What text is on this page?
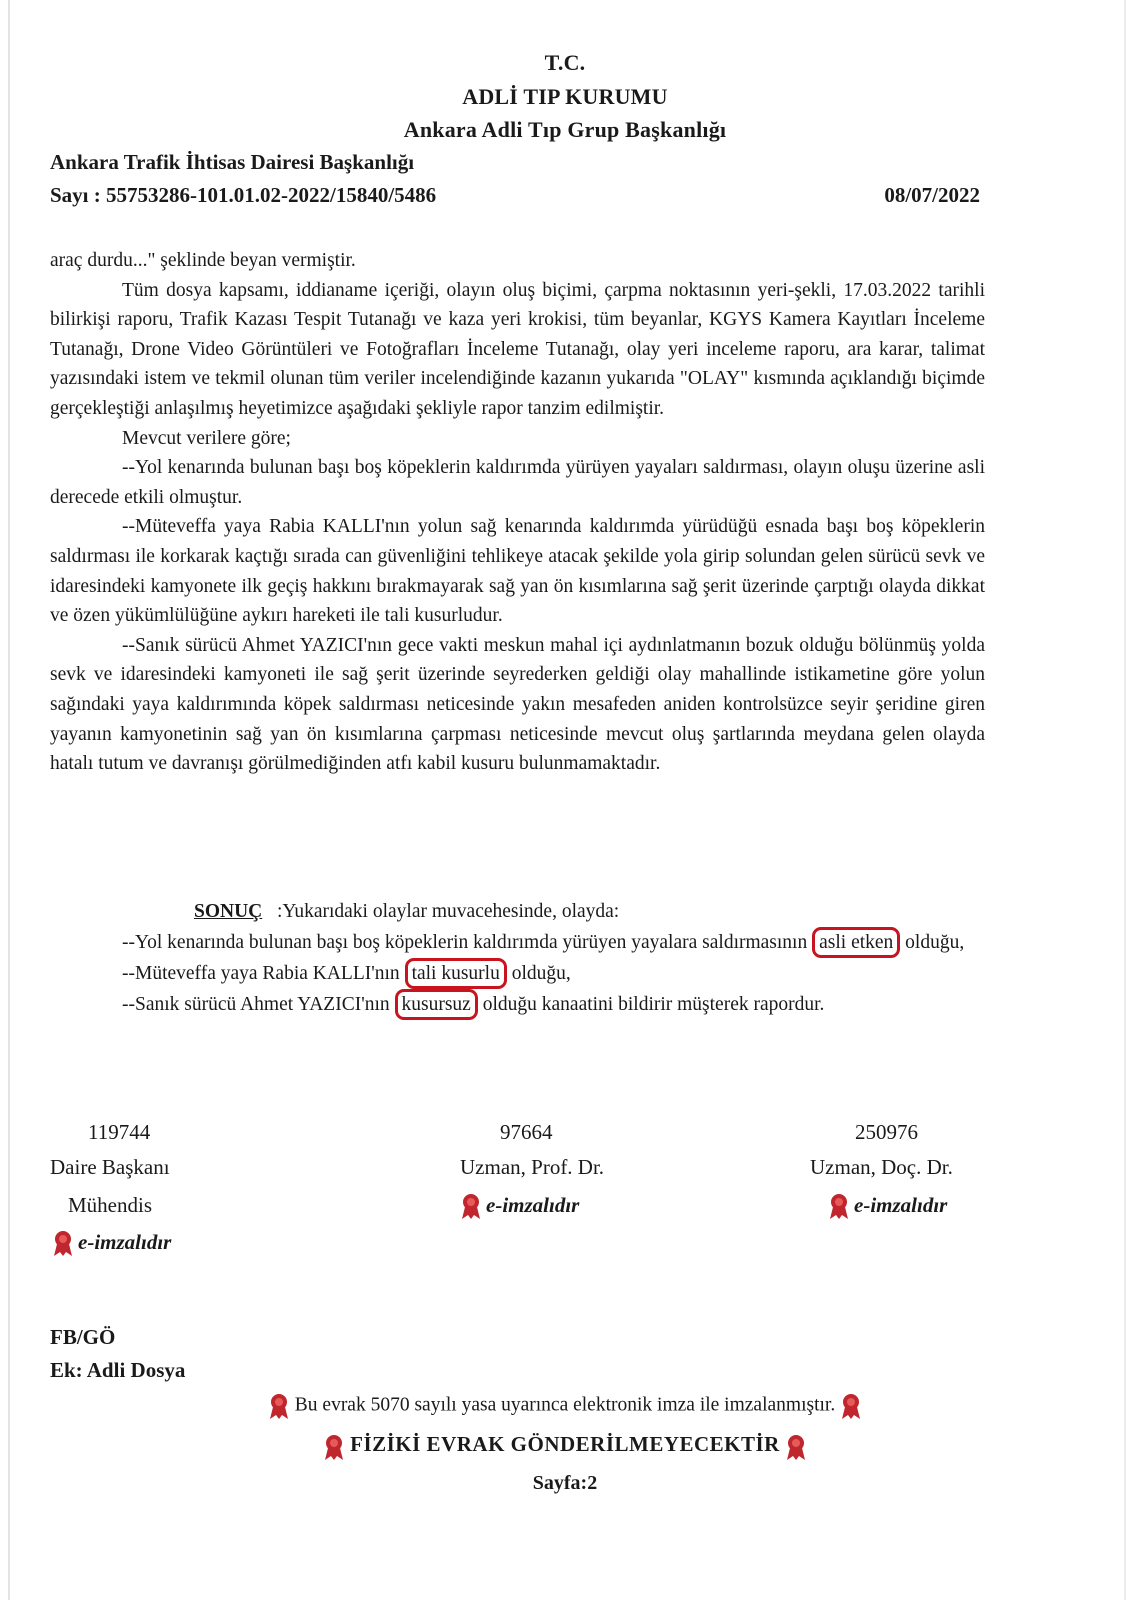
T.C.
ADLİ TIP KURUMU
Ankara Adli Tıp Grup Başkanlığı
Ankara Trafik İhtisas Dairesi Başkanlığı
Sayı : 55753286-101.01.02-2022/15840/5486	08/07/2022

araç durdu..." şeklinde beyan vermiştir.

Tüm dosya kapsamı, iddianame içeriği, olayın oluş biçimi, çarpma noktasının yeri-şekli, 17.03.2022 tarihli bilirkişi raporu, Trafik Kazası Tespit Tutanağı ve kaza yeri krokisi, tüm beyanlar, KGYS Kamera Kayıtları İnceleme Tutanağı, Drone Video Görüntüleri ve Fotoğrafları İnceleme Tutanağı, olay yeri inceleme raporu, ara karar, talimat yazısındaki istem ve tekmil olunan tüm veriler incelendiğinde kazanın yukarıda "OLAY" kısmında açıklandığı biçimde gerçekleştiği anlaşılmış heyetimizce aşağıdaki şekliyle rapor tanzim edilmiştir.

Mevcut verilere göre;

--Yol kenarında bulunan başı boş köpeklerin kaldırımda yürüyen yayaları saldırması, olayın oluşu üzerine asli derecede etkili olmuştur.

--Müteveffa yaya Rabia KALLI'nın yolun sağ kenarında kaldırımda yürüdüğü esnada başı boş köpeklerin saldırması ile korkarak kaçtığı sırada can güvenliğini tehlikeye atacak şekilde yola girip solundan gelen sürücü sevk ve idaresindeki kamyonete ilk geçiş hakkını bırakmayarak sağ yan ön kısımlarına sağ şerit üzerinde çarptığı olayda dikkat ve özen yükümlülüğüne aykırı hareketi ile tali kusurludur.

--Sanık sürücü Ahmet YAZICI'nın gece vakti meskun mahal içi aydınlatmanın bozuk olduğu bölünmüş yolda sevk ve idaresindeki kamyoneti ile sağ şerit üzerinde seyrederken geldiği olay mahallinde istikametine göre yolun sağındaki yaya kaldırımında köpek saldırması neticesinde yakın mesafeden aniden kontrolsüzce seyir şeridine giren yayanın kamyonetinin sağ yan ön kısımlarına çarpması neticesinde mevcut oluş şartlarında meydana gelen olayda hatalı tutum ve davranışı görülmediğinden atfı kabil kusuru bulunmamaktadır.

SONUÇ :Yukarıdaki olaylar muvacehesinde, olayda:

--Yol kenarında bulunan başı boş köpeklerin kaldırımda yürüyen yayalara saldırmasının asli etken olduğu,

--Müteveffa yaya Rabia KALLI'nın tali kusurlu olduğu,

--Sanık sürücü Ahmet YAZICI'nın kusursuz olduğu kanaatini bildirir müşterek rapordur.

119744
Daire Başkanı
Mühendis
e-imzalıdır
97664
Uzman, Prof. Dr.
e-imzalıdır
250976
Uzman, Doç. Dr.
e-imzalıdır
FB/GÖ
Ek: Adli Dosya
Bu evrak 5070 sayılı yasa uyarınca elektronik imza ile imzalanmıştır.
FİZİKİ EVRAK GÖNDERİLMEYECEKTİR
Sayfa:2
